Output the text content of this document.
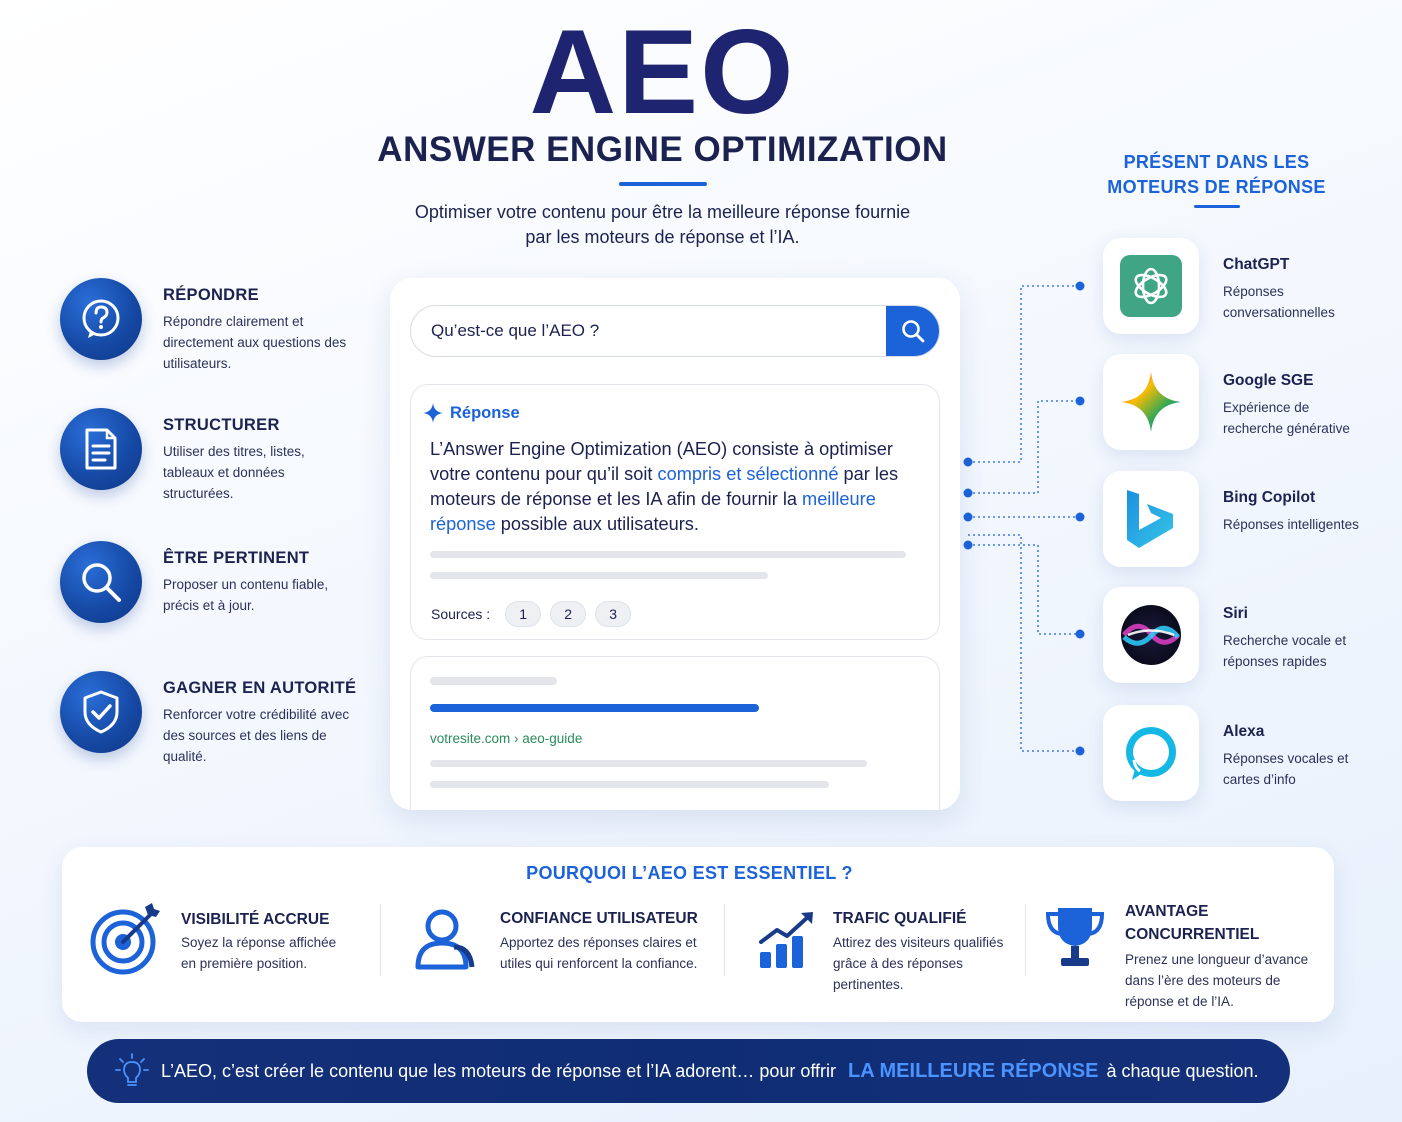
AEO
ANSWER ENGINE OPTIMIZATION
Optimiser votre contenu pour être la meilleure réponse fournie par les moteurs de réponse et l’IA.
RÉPONDRE
Répondre clairement et directement aux questions des utilisateurs.
STRUCTURER
Utiliser des titres, listes, tableaux et données structurées.
ÊTRE PERTINENT
Proposer un contenu fiable, précis et à jour.
GAGNER EN AUTORITÉ
Renforcer votre crédibilité avec des sources et des liens de qualité.
Qu’est-ce que l’AEO ?
Réponse
L’Answer Engine Optimization (AEO) consiste à optimiser votre contenu pour qu’il soit compris et sélectionné par les moteurs de réponse et les IA afin de fournir la meilleure réponse possible aux utilisateurs.
Sources :	1	2	3
votresite.com › aeo-guide
PRÉSENT DANS LES
MOTEURS DE RÉPONSE
ChatGPT
Réponses conversationnelles
Google SGE
Expérience de recherche générative
Bing Copilot
Réponses intelligentes
Siri
Recherche vocale et réponses rapides
Alexa
Réponses vocales et cartes d’info
POURQUOI L’AEO EST ESSENTIEL ?
VISIBILITÉ ACCRUE
Soyez la réponse affichée en première position.
CONFIANCE UTILISATEUR
Apportez des réponses claires et utiles qui renforcent la confiance.
TRAFIC QUALIFIÉ
Attirez des visiteurs qualifiés grâce à des réponses pertinentes.
AVANTAGE
CONCURRENTIEL
Prenez une longueur d’avance dans l’ère des moteurs de réponse et de l’IA.
L’AEO, c’est créer le contenu que les moteurs de réponse et l’IA adorent… pour offrir LA MEILLEURE RÉPONSE à chaque question.
